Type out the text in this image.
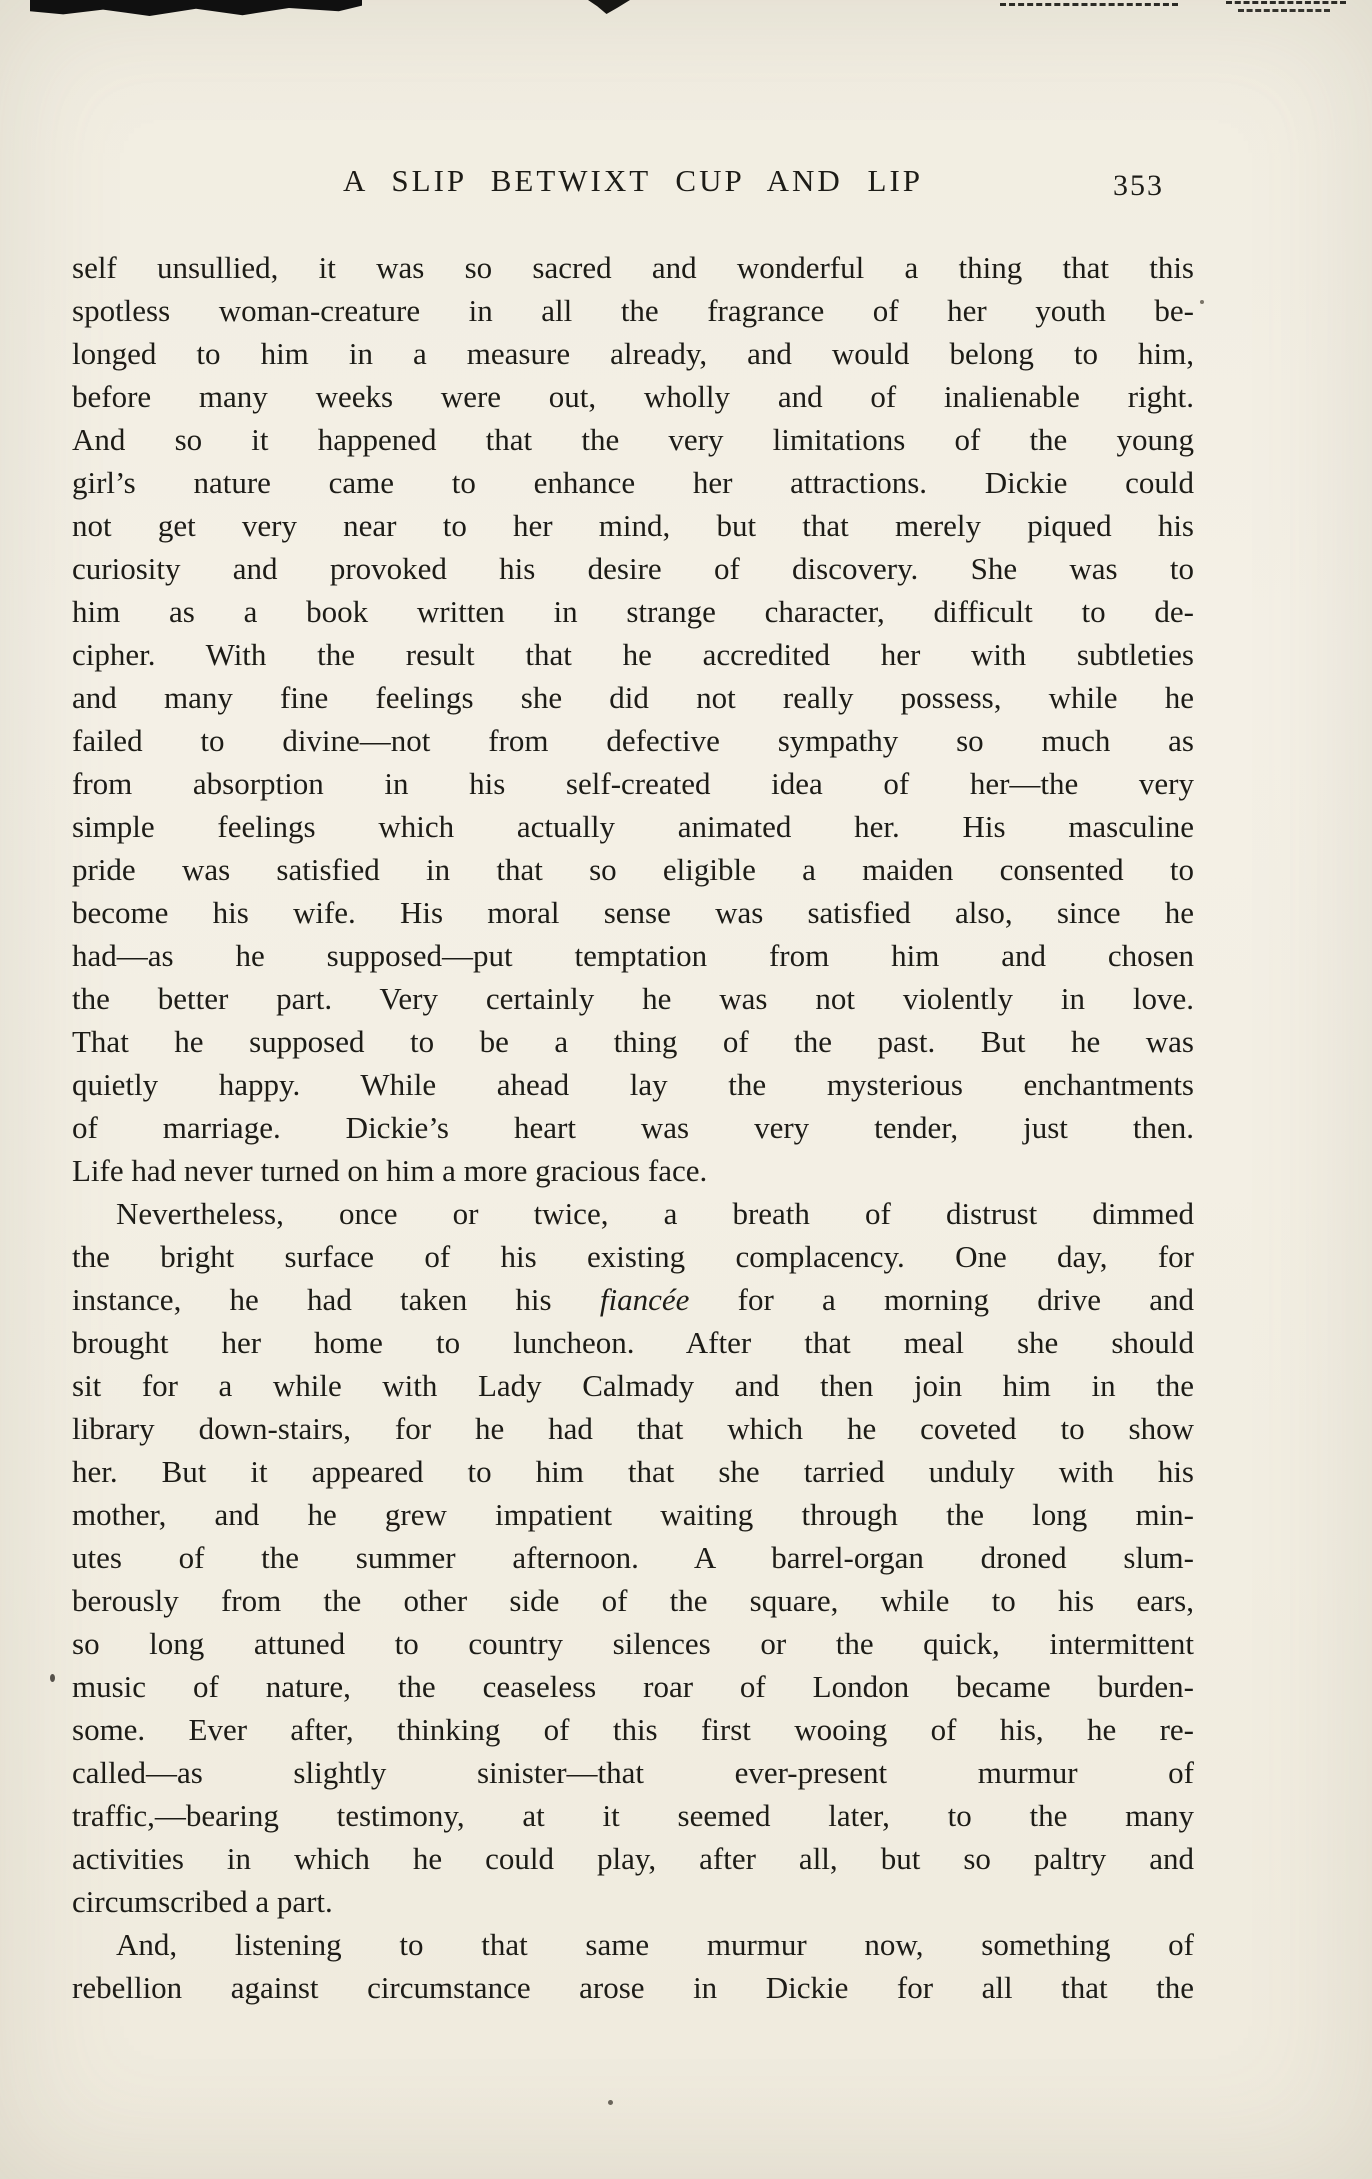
A SLIP BETWIXT CUP AND LIP	353
self unsullied, it was so sacred and wonderful a thing that this
spotless woman-creature in all the fragrance of her youth be-
longed to him in a measure already, and would belong to him,
before many weeks were out, wholly and of inalienable right.
And so it happened that the very limitations of the young
girl’s nature came to enhance her attractions. Dickie could
not get very near to her mind, but that merely piqued his
curiosity and provoked his desire of discovery. She was to
him as a book written in strange character, difficult to de-
cipher. With the result that he accredited her with subtleties
and many fine feelings she did not really possess, while he
failed to divine—not from defective sympathy so much as
from absorption in his self-created idea of her—the very
simple feelings which actually animated her. His masculine
pride was satisfied in that so eligible a maiden consented to
become his wife. His moral sense was satisfied also, since he
had—as he supposed—put temptation from him and chosen
the better part. Very certainly he was not violently in love.
That he supposed to be a thing of the past. But he was
quietly happy. While ahead lay the mysterious enchantments
of marriage. Dickie’s heart was very tender, just then.
Life had never turned on him a more gracious face.
Nevertheless, once or twice, a breath of distrust dimmed
the bright surface of his existing complacency. One day, for
instance, he had taken his fiancée for a morning drive and
brought her home to luncheon. After that meal she should
sit for a while with Lady Calmady and then join him in the
library down-stairs, for he had that which he coveted to show
her. But it appeared to him that she tarried unduly with his
mother, and he grew impatient waiting through the long min-
utes of the summer afternoon. A barrel-organ droned slum-
berously from the other side of the square, while to his ears,
so long attuned to country silences or the quick, intermittent
music of nature, the ceaseless roar of London became burden-
some. Ever after, thinking of this first wooing of his, he re-
called—as slightly sinister—that ever-present murmur of
traffic,—bearing testimony, at it seemed later, to the many
activities in which he could play, after all, but so paltry and
circumscribed a part.
And, listening to that same murmur now, something of
rebellion against circumstance arose in Dickie for all that the
